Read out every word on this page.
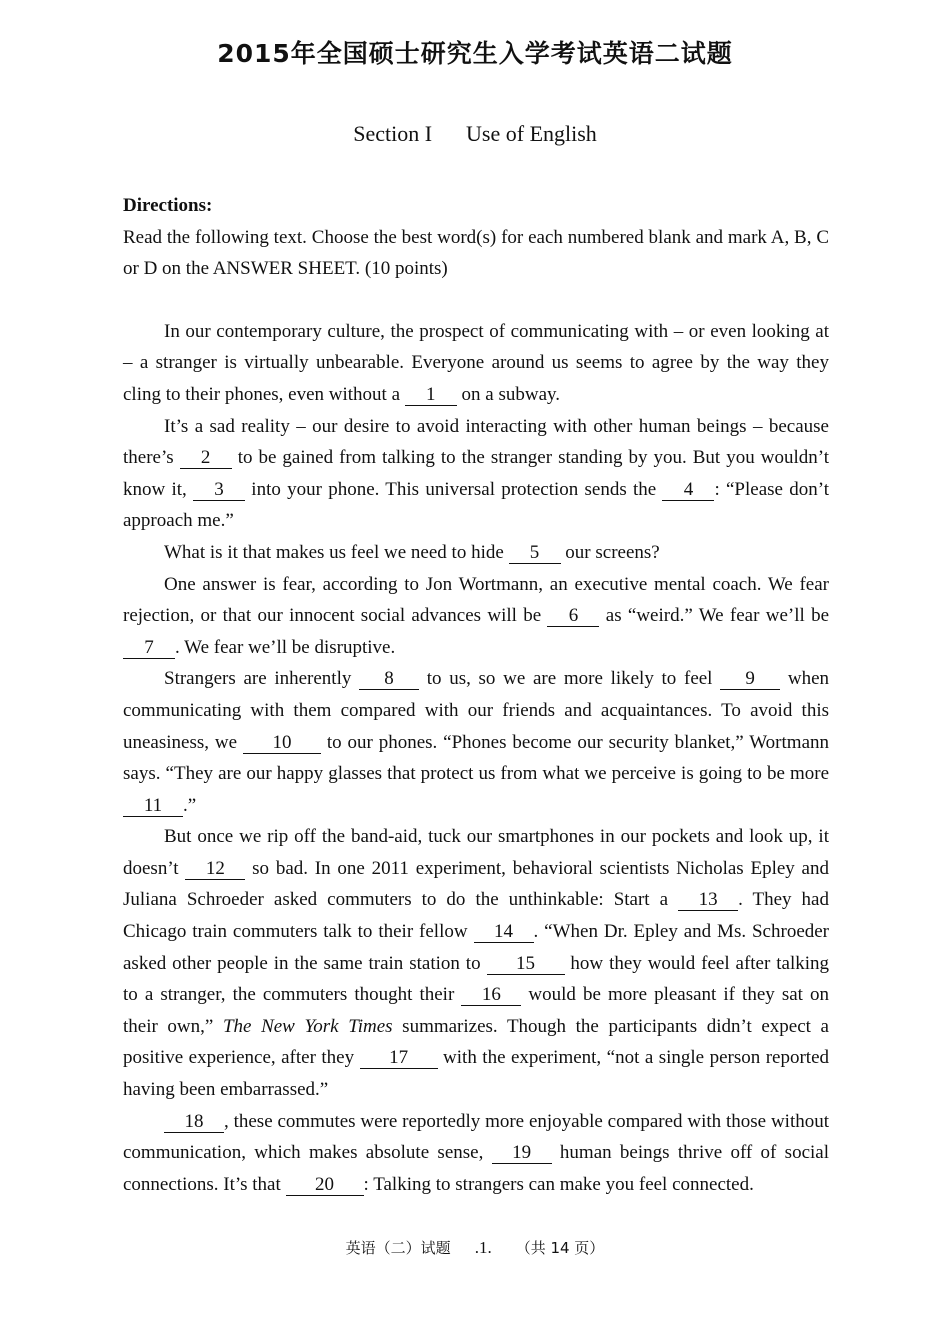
2015年全国硕士研究生入学考试英语二试题
Section I Use of English
Directions:

Read the following text. Choose the best word(s) for each numbered blank and mark A, B, C or D on the ANSWER SHEET. (10 points)

In our contemporary culture, the prospect of communicating with – or even looking at – a stranger is virtually unbearable. Everyone around us seems to agree by the way they cling to their phones, even without a 1 on a subway.

It’s a sad reality – our desire to avoid interacting with other human beings – because there’s 2 to be gained from talking to the stranger standing by you. But you wouldn’t know it, 3 into your phone. This universal protection sends the 4 : “Please don’t approach me.”

What is it that makes us feel we need to hide 5 our screens?

One answer is fear, according to Jon Wortmann, an executive mental coach. We fear rejection, or that our innocent social advances will be 6 as “weird.” We fear we’ll be 7 . We fear we’ll be disruptive.

Strangers are inherently 8 to us, so we are more likely to feel 9 when communicating with them compared with our friends and acquaintances. To avoid this uneasiness, we 10 to our phones. “Phones become our security blanket,” Wortmann says. “They are our happy glasses that protect us from what we perceive is going to be more 11 .”

But once we rip off the band-aid, tuck our smartphones in our pockets and look up, it doesn’t 12 so bad. In one 2011 experiment, behavioral scientists Nicholas Epley and Juliana Schroeder asked commuters to do the unthinkable: Start a 13 . They had Chicago train commuters talk to their fellow 14 . “When Dr. Epley and Ms. Schroeder asked other people in the same train station to 15 how they would feel after talking to a stranger, the commuters thought their 16 would be more pleasant if they sat on their own,” The New York Times summarizes. Though the participants didn’t expect a positive experience, after they 17 with the experiment, “not a single person reported having been embarrassed.”

18 , these commutes were reportedly more enjoyable compared with those without communication, which makes absolute sense, 19 human beings thrive off of social connections. It’s that 20 : Talking to strangers can make you feel connected.

英语（二）试题 .1. （共 14 页）
